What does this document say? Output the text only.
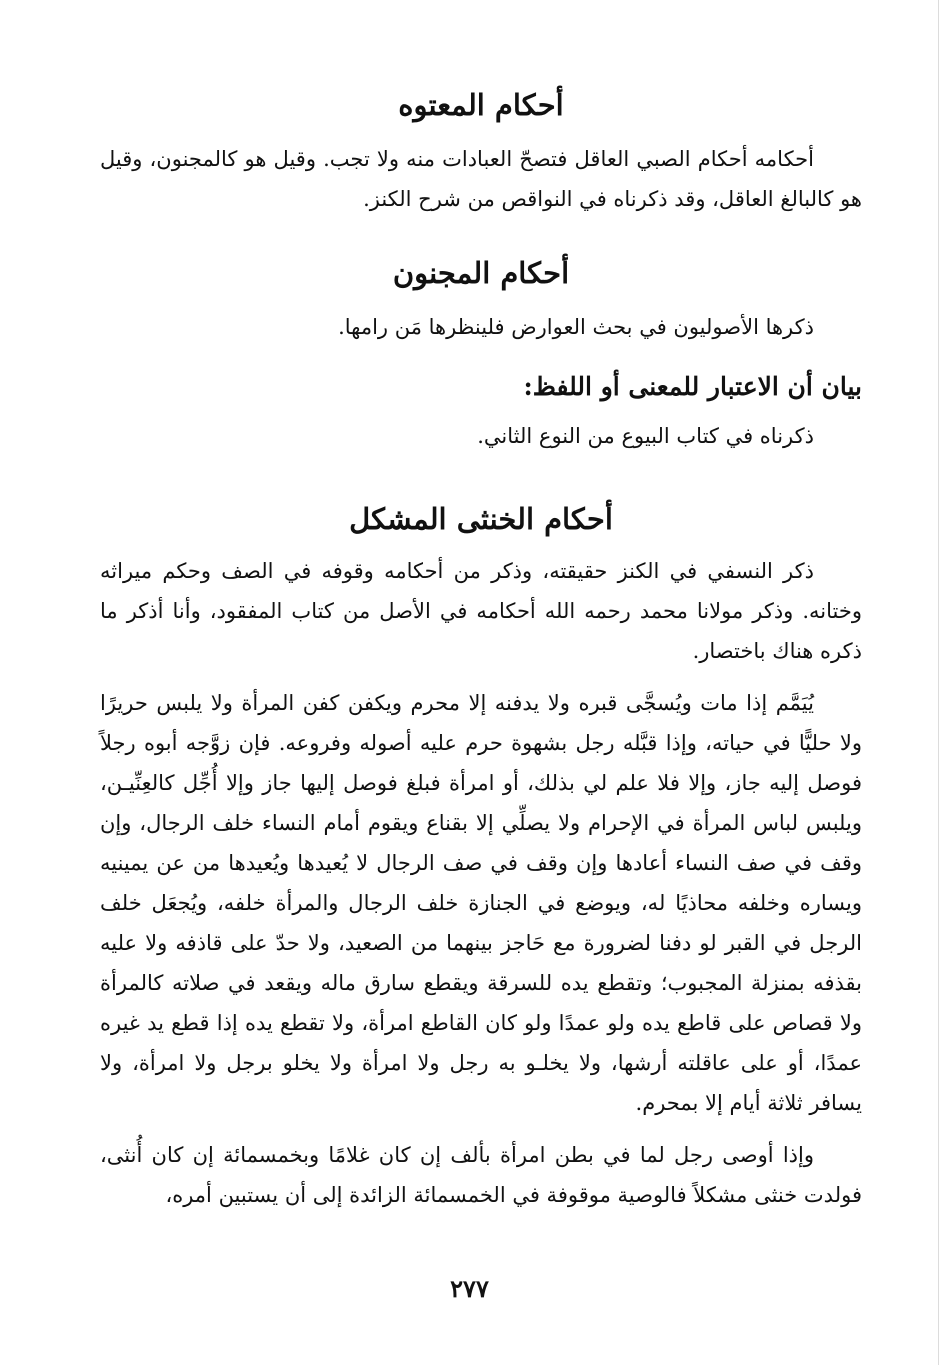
أحكام المعتوه

أحكامه أحكام الصبي العاقل فتصحّ العبادات منه ولا تجب. وقيل هو كالمجنون، وقيل هو كالبالغ العاقل، وقد ذكرناه في النواقص من شرح الكنز.

أحكام المجنون

ذكرها الأصوليون في بحث العوارض فلينظرها مَن رامها.

بيان أن الاعتبار للمعنى أو اللفظ:

ذكرناه في كتاب البيوع من النوع الثاني.

أحكام الخنثى المشكل

ذكر النسفي في الكنز حقيقته، وذكر من أحكامه وقوفه في الصف وحكم ميراثه وختانه. وذكر مولانا محمد رحمه الله أحكامه في الأصل من كتاب المفقود، وأنا أذكر ما ذكره هناك باختصار.

يُيَمَّم إذا مات ويُسجَّى قبره ولا يدفنه إلا محرم ويكفن كفن المرأة ولا يلبس حريرًا ولا حليًّا في حياته، وإذا قبَّله رجل بشهوة حرم عليه أصوله وفروعه. فإن زوَّجه أبوه رجلاً فوصل إليه جاز، وإلا فلا علم لي بذلك، أو امرأة فبلغ فوصل إليها جاز وإلا أُجِّل كالعِنِّيـن، ويلبس لباس المرأة في الإحرام ولا يصلِّي إلا بقناع ويقوم أمام النساء خلف الرجال، وإن وقف في صف النساء أعادها وإن وقف في صف الرجال لا يُعيدها ويُعيدها من عن يمينيه ويساره وخلفه محاذيًا له، ويوضع في الجنازة خلف الرجال والمرأة خلفه، ويُجعَل خلف الرجل في القبر لو دفنا لضرورة مع حَاجز بينهما من الصعيد، ولا حدّ على قاذفه ولا عليه بقذفه بمنزلة المجبوب؛ وتقطع يده للسرقة ويقطع سارق ماله ويقعد في صلاته كالمرأة ولا قصاص على قاطع يده ولو عمدًا ولو كان القاطع امرأة، ولا تقطع يده إذا قطع يد غيره عمدًا، أو على عاقلته أرشها، ولا يخلـو به رجل ولا امرأة ولا يخلو برجل ولا امرأة، ولا يسافر ثلاثة أيام إلا بمحرم.

وإذا أوصى رجل لما في بطن امرأة بألف إن كان غلامًا وبخمسمائة إن كان أُنثى، فولدت خنثى مشكلاً فالوصية موقوفة في الخمسمائة الزائدة إلى أن يستبين أمره،

٢٧٧
